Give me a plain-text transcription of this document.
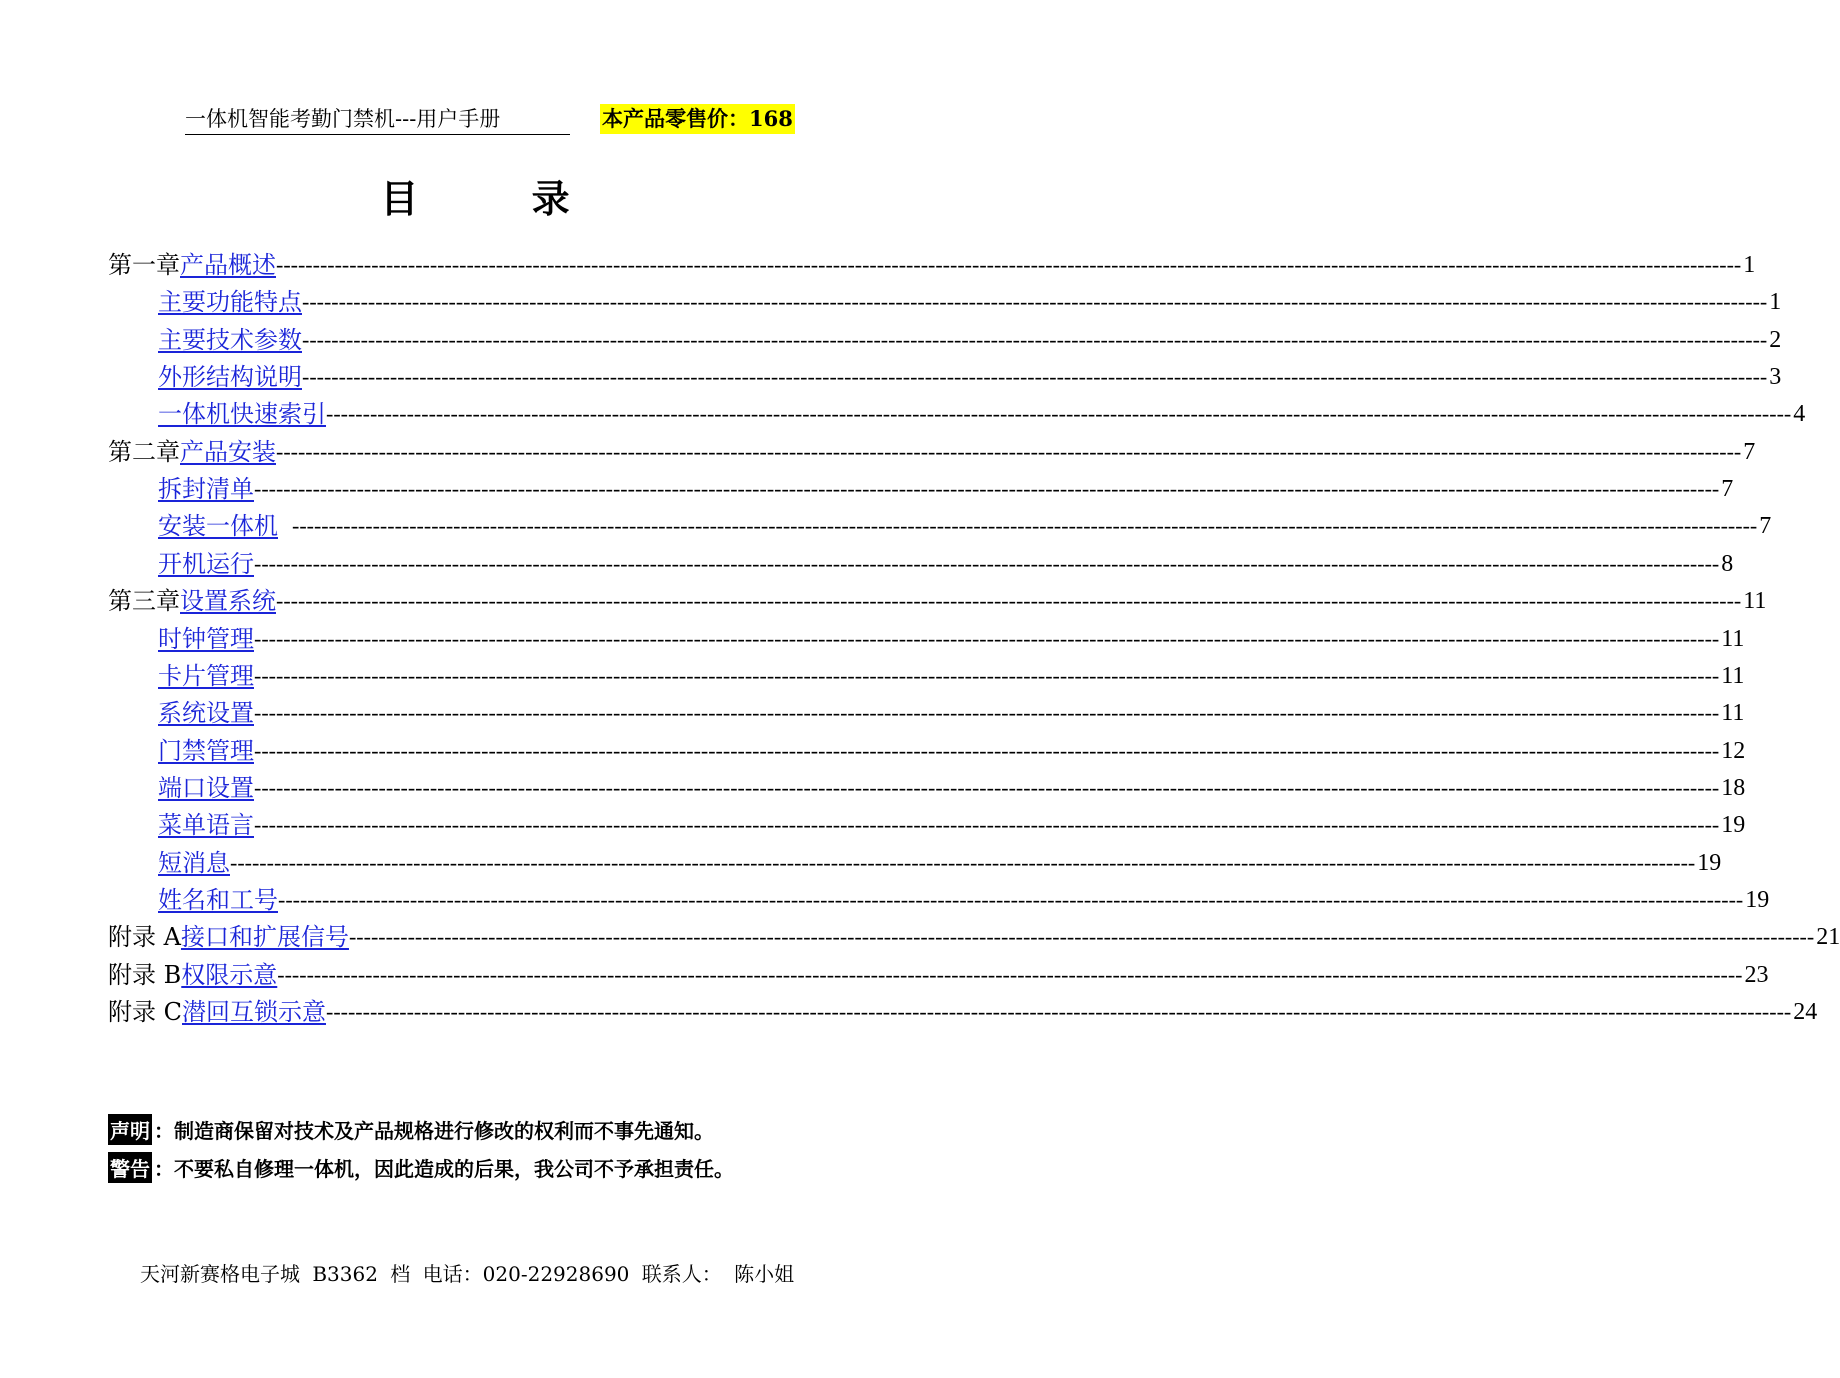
一体机智能考勤门禁机---用户手册	本产品零售价：168
目 录
第一章 产品概述 -------------------------------------------------------------------------------------------------------------------------------------------------------------------------------------------------------- 1
主要功能特点 -------------------------------------------------------------------------------------------------------------------------------------------------------------------------------------------------------- 1
主要技术参数 -------------------------------------------------------------------------------------------------------------------------------------------------------------------------------------------------------- 2
外形结构说明 -------------------------------------------------------------------------------------------------------------------------------------------------------------------------------------------------------- 3
一体机快速索引 -------------------------------------------------------------------------------------------------------------------------------------------------------------------------------------------------------- 4
第二章 产品安装 -------------------------------------------------------------------------------------------------------------------------------------------------------------------------------------------------------- 7
拆封清单 -------------------------------------------------------------------------------------------------------------------------------------------------------------------------------------------------------- 7
安装一体机 -------------------------------------------------------------------------------------------------------------------------------------------------------------------------------------------------------- 7
开机运行 -------------------------------------------------------------------------------------------------------------------------------------------------------------------------------------------------------- 8
第三章 设置系统 -------------------------------------------------------------------------------------------------------------------------------------------------------------------------------------------------------- 11
时钟管理 -------------------------------------------------------------------------------------------------------------------------------------------------------------------------------------------------------- 11
卡片管理 -------------------------------------------------------------------------------------------------------------------------------------------------------------------------------------------------------- 11
系统设置 -------------------------------------------------------------------------------------------------------------------------------------------------------------------------------------------------------- 11
门禁管理 -------------------------------------------------------------------------------------------------------------------------------------------------------------------------------------------------------- 12
端口设置 -------------------------------------------------------------------------------------------------------------------------------------------------------------------------------------------------------- 18
菜单语言 -------------------------------------------------------------------------------------------------------------------------------------------------------------------------------------------------------- 19
短消息 -------------------------------------------------------------------------------------------------------------------------------------------------------------------------------------------------------- 19
姓名和工号 -------------------------------------------------------------------------------------------------------------------------------------------------------------------------------------------------------- 19
附录 A 接口和扩展信号 -------------------------------------------------------------------------------------------------------------------------------------------------------------------------------------------------------- 21
附录 B 权限示意 -------------------------------------------------------------------------------------------------------------------------------------------------------------------------------------------------------- 23
附录 C 潜回互锁示意 -------------------------------------------------------------------------------------------------------------------------------------------------------------------------------------------------------- 24
声明 ：制造商保留对技术及产品规格进行修改的权利而不事先通知。
警告 ：不要私自修理一体机，因此造成的后果，我公司不予承担责任。
天河新赛格电子城 B3362 档 电话：020-22928690 联系人： 陈小姐
